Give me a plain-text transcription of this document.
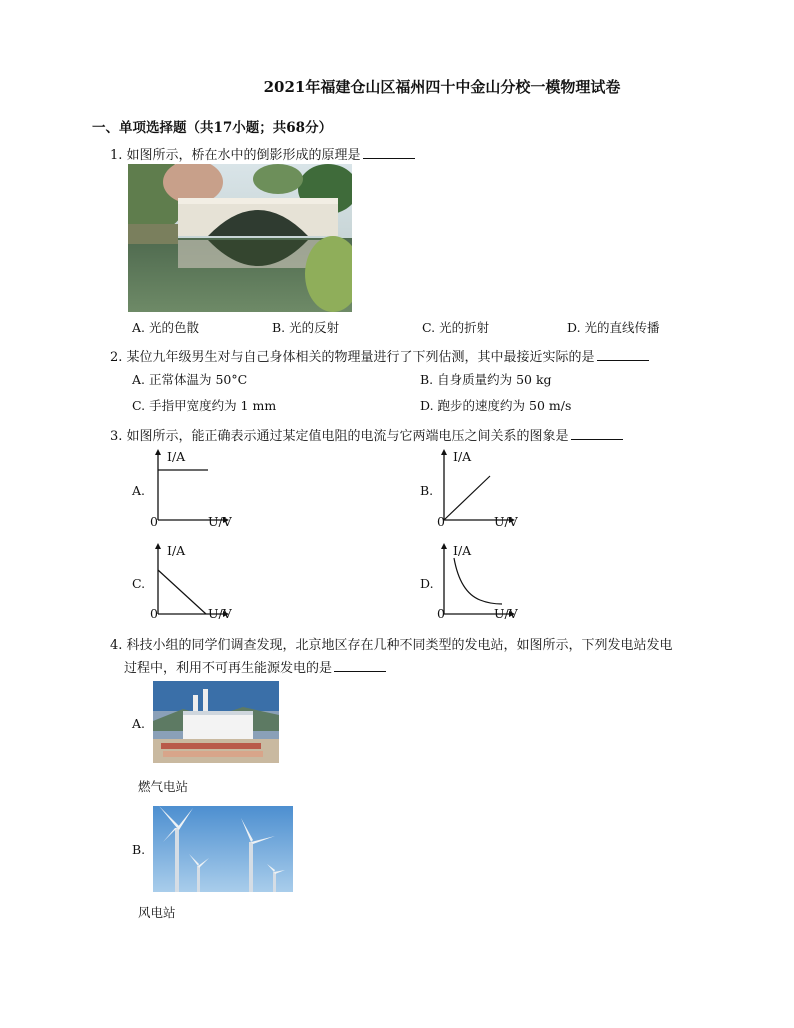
2021年福建仓山区福州四十中金山分校一模物理试卷
一、单项选择题（共17小题；共68分）
1. 如图所示，桥在水中的倒影形成的原理是
A. 光的色散	B. 光的反射	C. 光的折射	D. 光的直线传播
2. 某位九年级男生对与自己身体相关的物理量进行了下列估测，其中最接近实际的是
A. 正常体温为 50°C	B. 自身质量约为 50 kg
C. 手指甲宽度约为 1 mm	D. 跑步的速度约为 50 m/s
3. 如图所示，能正确表示通过某定值电阻的电流与它两端电压之间关系的图象是
A.
I/A
0	U/V
B.
I/A
0	U/V
C.
I/A
0	U/V
D.
I/A
0	U/V
4. 科技小组的同学们调查发现，北京地区存在几种不同类型的发电站，如图所示，下列发电站发电
过程中，利用不可再生能源发电的是
A.
燃气电站
B.
风电站
